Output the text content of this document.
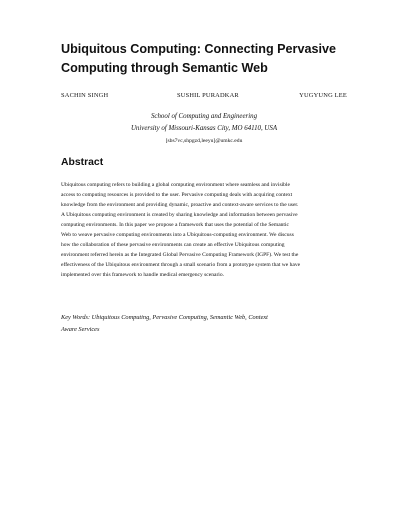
Ubiquitous Computing: Connecting Pervasive
Computing through Semantic Web
SACHIN SINGH	SUSHIL PURADKAR	YUGYUNG LEE
School of Computing and Engineering
University of Missouri-Kansas City, MO 64110, USA
[sbs7vc,shpgzd,leeyu]@umkc.edu
Abstract
Ubiquitous computing refers to building a global computing environment where seamless and invisible
access to computing resources is provided to the user. Pervasive computing deals with acquiring context
knowledge from the environment and providing dynamic, proactive and context-aware services to the user.
A Ubiquitous computing environment is created by sharing knowledge and information between pervasive
computing environments. In this paper we propose a framework that uses the potential of the Semantic
Web to weave pervasive computing environments into a Ubiquitous-computing environment. We discuss
how the collaboration of these pervasive environments can create an effective Ubiquitous computing
environment referred herein as the Integrated Global Pervasive Computing Framework (IGPF). We test the
effectiveness of the Ubiquitous environment through a small scenario from a prototype system that we have
implemented over this framework to handle medical emergency scenario.
Key Words: Ubiquitous Computing, Pervasive Computing, Semantic Web, Context
Aware Services
